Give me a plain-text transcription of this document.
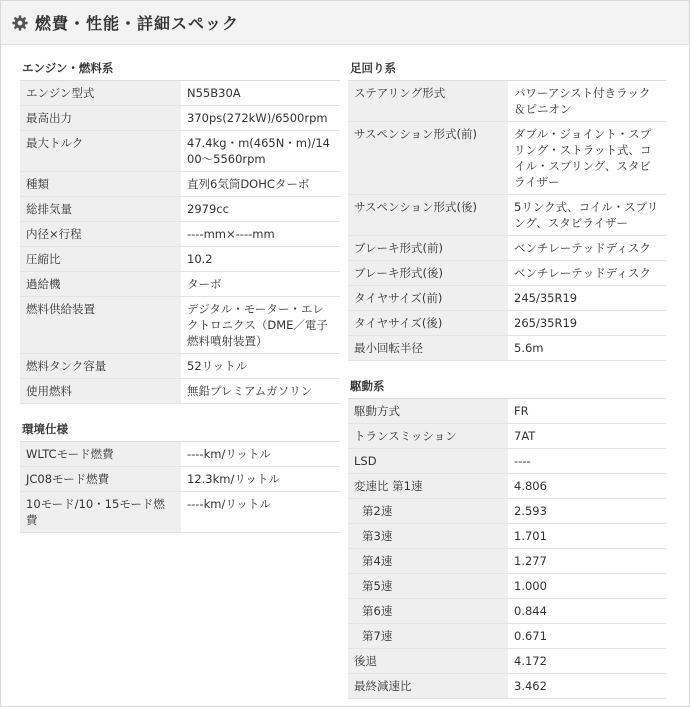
燃費・性能・詳細スペック
エンジン・燃料系
エンジン型式	N55B30A
最高出力	370ps(272kW)/6500rpm
最大トルク	47.4kg・m(465N・m)/1400～5560rpm
種類	直列6気筒DOHCターボ
総排気量	2979cc
内径×行程	----mm×----mm
圧縮比	10.2
過給機	ターボ
燃料供給装置	デジタル・モーター・エレクトロニクス（DME／電子燃料噴射装置）
燃料タンク容量	52リットル
使用燃料	無鉛プレミアムガソリン
環境仕様
WLTCモード燃費	----km/リットル
JC08モード燃費	12.3km/リットル
10モード/10・15モード燃費	----km/リットル
足回り系
ステアリング形式	パワーアシスト付きラック＆ピニオン
サスペンション形式(前)	ダブル・ジョイント・スプリング・ストラット式、コイル・スプリング、スタビライザー
サスペンション形式(後)	5リンク式、コイル・スプリング、スタビライザー
ブレーキ形式(前)	ベンチレーテッドディスク
ブレーキ形式(後)	ベンチレーテッドディスク
タイヤサイズ(前)	245/35R19
タイヤサイズ(後)	265/35R19
最小回転半径	5.6m
駆動系
駆動方式	FR
トランスミッション	7AT
LSD	----
変速比 第1速	4.806
第2速	2.593
第3速	1.701
第4速	1.277
第5速	1.000
第6速	0.844
第7速	0.671
後退	4.172
最終減速比	3.462
